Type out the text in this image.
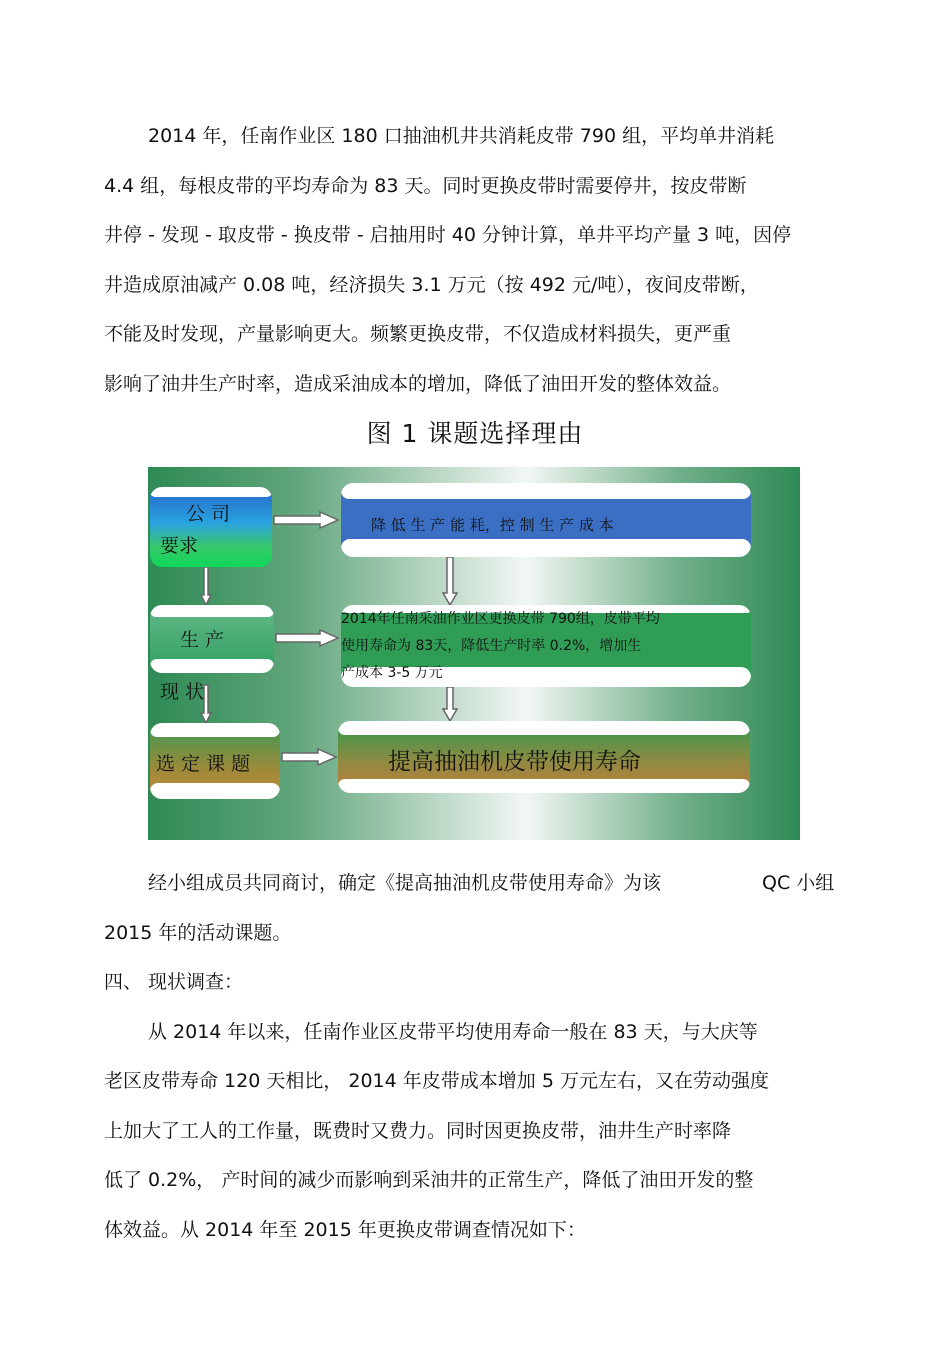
2014 年，任南作业区 180 口抽油机井共消耗皮带 790 组，平均单井消耗
4.4 组，每根皮带的平均寿命为 83 天。同时更换皮带时需要停井，按皮带断
井停 - 发现 - 取皮带 - 换皮带 - 启抽用时 40 分钟计算，单井平均产量 3 吨，因停
井造成原油减产 0.08 吨，经济损失 3.1 万元（按 492 元/吨），夜间皮带断，
不能及时发现，产量影响更大。频繁更换皮带，不仅造成材料损失，更严重
影响了油井生产时率，造成采油成本的增加，降低了油田开发的整体效益。
图 1 课题选择理由
公 司
要求
生 产
现 状
选 定 课 题
降 低 生 产 能 耗，控 制 生 产 成 本
2014年任南采油作业区更换皮带 790组，皮带平均
使用寿命为 83天，降低生产时率 0.2%，增加生
产成本 3-5 万元
提高抽油机皮带使用寿命
经小组成员共同商讨，确定《提高抽油机皮带使用寿命》为该	QC 小组
2015 年的活动课题。
四、 现状调查：
从 2014 年以来，任南作业区皮带平均使用寿命一般在 83 天，与大庆等
老区皮带寿命 120 天相比， 2014 年皮带成本增加 5 万元左右，又在劳动强度
上加大了工人的工作量，既费时又费力。同时因更换皮带，油井生产时率降
低了 0.2%， 产时间的减少而影响到采油井的正常生产，降低了油田开发的整
体效益。从 2014 年至 2015 年更换皮带调查情况如下：
